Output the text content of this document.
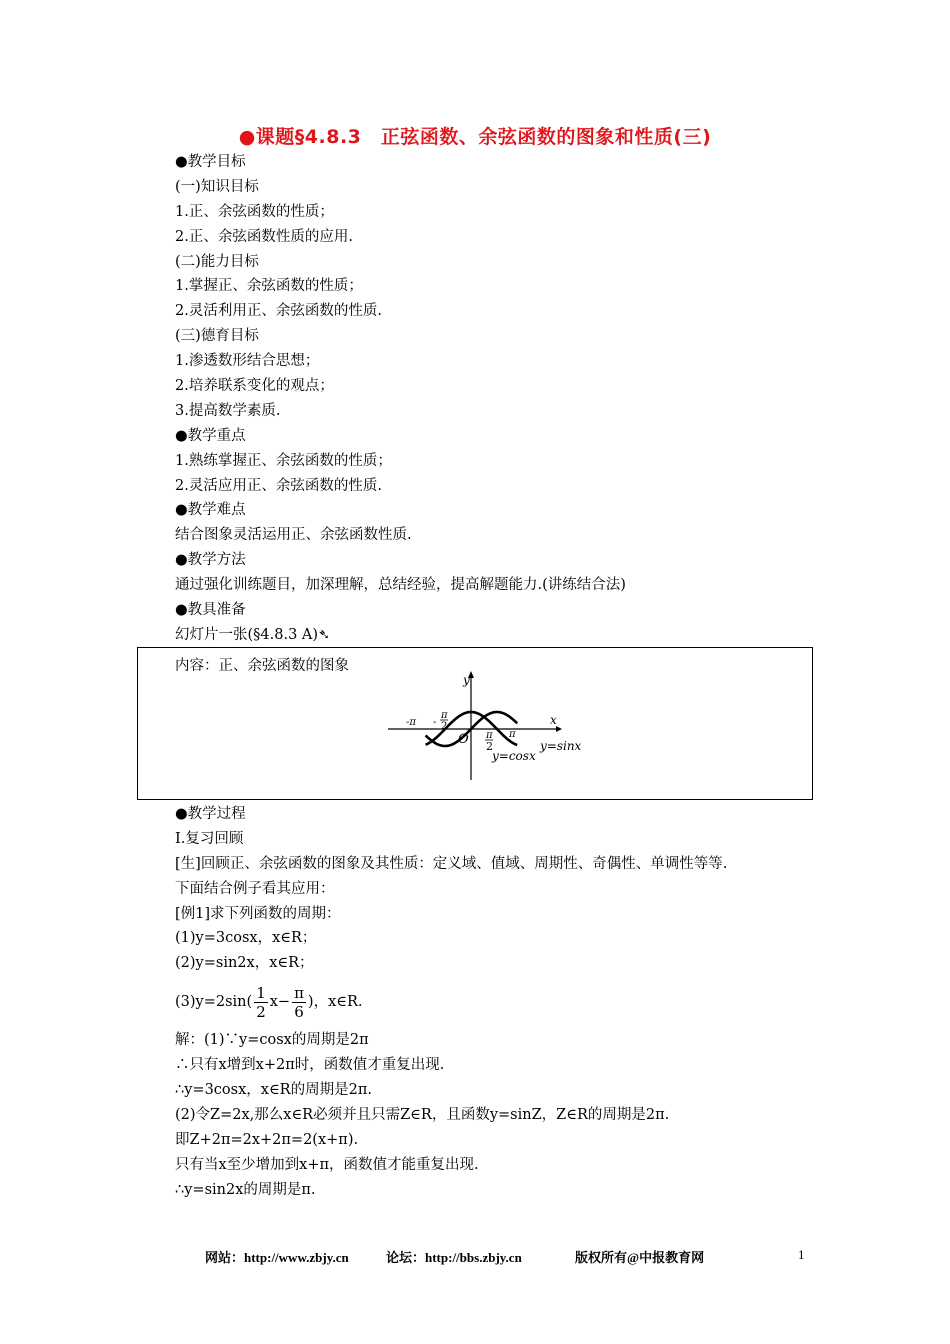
●课题§4.8.3　正弦函数、余弦函数的图象和性质(三)
●教学目标
(一)知识目标
1.正、余弦函数的性质；
2.正、余弦函数性质的应用.
(二)能力目标
1.掌握正、余弦函数的性质；
2.灵活利用正、余弦函数的性质.
(三)德育目标
1.渗透数形结合思想；
2.培养联系变化的观点；
3.提高数学素质.
●教学重点
1.熟练掌握正、余弦函数的性质；
2.灵活应用正、余弦函数的性质.
●教学难点
结合图象灵活运用正、余弦函数性质.
●教学方法
通过强化训练题目，加深理解，总结经验，提高解题能力.(讲练结合法)
●教具准备
幻灯片一张(§4.8.3 A)➴
内容：正、余弦函数的图象
y
x
O
-π -
π
2
π
2
π
y=cosx
y=sinx
●教学过程
Ⅰ.复习回顾
[生]回顾正、余弦函数的图象及其性质：定义域、值域、周期性、奇偶性、单调性等等.
下面结合例子看其应用：
[例1]求下列函数的周期：
(1)y=3cosx，x∈R；
(2)y=sin2x，x∈R；
$(3)y=2\sin( \frac{1}{2} x- \frac{\pi}{6}$ )，x∈R.
解：(1)∵y=cosx的周期是2π
∴只有x增到x+2π时，函数值才重复出现.
∴y=3cosx，x∈R的周期是2π.
(2)令Z=2x,那么x∈R必须并且只需Z∈R，且函数y=sinZ，Z∈R的周期是2π.
即Z+2π=2x+2π=2(x+π).
只有当x至少增加到x+π，函数值才能重复出现.
∴y=sin2x的周期是π.
网站：http://www.zbjy.cn	论坛：http://bbs.zbjy.cn	版权所有@中报教育网	1
